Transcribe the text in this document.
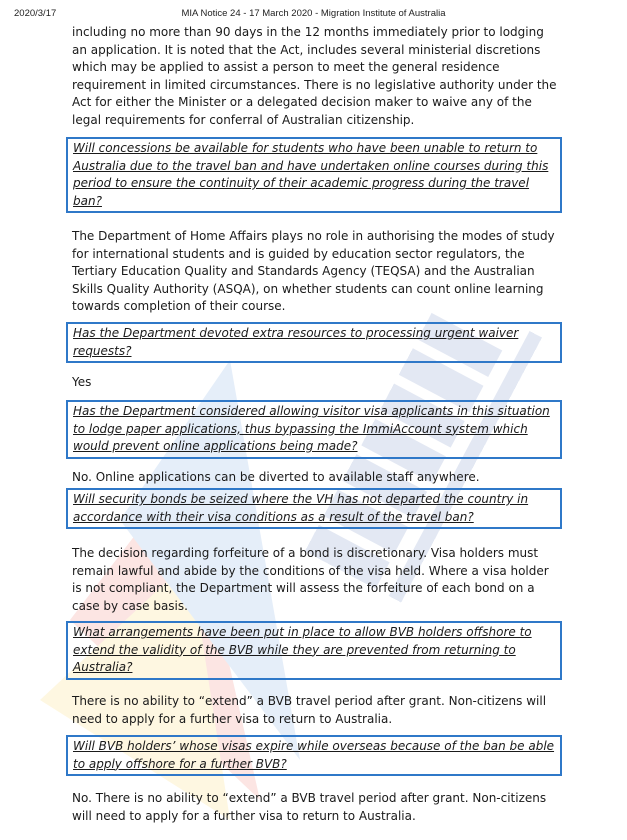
2020/3/17	MIA Notice 24 - 17 March 2020 - Migration Institute of Australia

including no more than 90 days in the 12 months immediately prior to lodging an application. It is noted that the Act, includes several ministerial discretions which may be applied to assist a person to meet the general residence requirement in limited circumstances. There is no legislative authority under the Act for either the Minister or a delegated decision maker to waive any of the legal requirements for conferral of Australian citizenship.

Will concessions be available for students who have been unable to return to Australia due to the travel ban and have undertaken online courses during this period to ensure the continuity of their academic progress during the travel ban?

The Department of Home Affairs plays no role in authorising the modes of study for international students and is guided by education sector regulators, the Tertiary Education Quality and Standards Agency (TEQSA) and the Australian Skills Quality Authority (ASQA), on whether students can count online learning towards completion of their course.

Has the Department devoted extra resources to processing urgent waiver requests?

Yes

Has the Department considered allowing visitor visa applicants in this situation to lodge paper applications, thus bypassing the ImmiAccount system which would prevent online applications being made?

No. Online applications can be diverted to available staff anywhere.

Will security bonds be seized where the VH has not departed the country in accordance with their visa conditions as a result of the travel ban?

The decision regarding forfeiture of a bond is discretionary. Visa holders must remain lawful and abide by the conditions of the visa held. Where a visa holder is not compliant, the Department will assess the forfeiture of each bond on a case by case basis.

What arrangements have been put in place to allow BVB holders offshore to extend the validity of the BVB while they are prevented from returning to Australia?

There is no ability to “extend” a BVB travel period after grant. Non-citizens will need to apply for a further visa to return to Australia.

Will BVB holders’ whose visas expire while overseas because of the ban be able to apply offshore for a further BVB?

No. There is no ability to “extend” a BVB travel period after grant. Non-citizens will need to apply for a further visa to return to Australia.
